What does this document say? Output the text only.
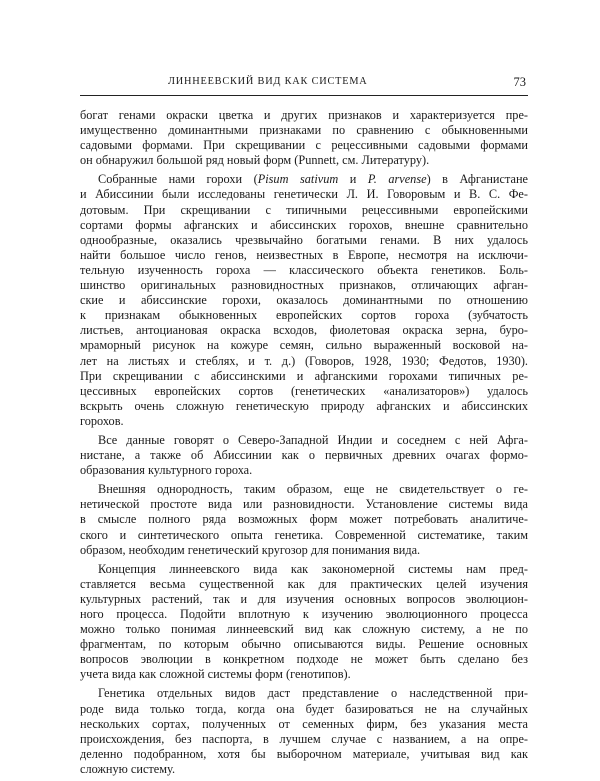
ЛИННЕЕВСКИЙ ВИД КАК СИСТЕМА	73
богат генами окраски цветка и других признаков и характеризуется пре-
имущественно доминантными признаками по сравнению с обыкновенными
садовыми формами. При скрещивании с рецессивными садовыми формами
он обнаружил большой ряд новый форм (Punnett, см. Литературу).
Собранные нами горохи (Pisum sativum и P. arvense) в Афганистане
и Абиссинии были исследованы генетически Л. И. Говоровым и В. С. Фе-
дотовым. При скрещивании с типичными рецессивными европейскими
сортами формы афганских и абиссинских горохов, внешне сравнительно
однообразные, оказались чрезвычайно богатыми генами. В них удалось
найти большое число генов, неизвестных в Европе, несмотря на исключи-
тельную изученность гороха — классического объекта генетиков. Боль-
шинство оригинальных разновидностных признаков, отличающих афган-
ские и абиссинские горохи, оказалось доминантными по отношению
к признакам обыкновенных европейских сортов гороха (зубчатость
листьев, антоциановая окраска всходов, фиолетовая окраска зерна, буро-
мраморный рисунок на кожуре семян, сильно выраженный восковой на-
лет на листьях и стеблях, и т. д.) (Говоров, 1928, 1930; Федотов, 1930).
При скрещивании с абиссинскими и афганскими горохами типичных ре-
цессивных европейских сортов (генетических «анализаторов») удалось
вскрыть очень сложную генетическую природу афганских и абиссинских
горохов.
Все данные говорят о Северо-Западной Индии и соседнем с ней Афга-
нистане, а также об Абиссинии как о первичных древних очагах формо-
образования культурного гороха.
Внешняя однородность, таким образом, еще не свидетельствует о ге-
нетической простоте вида или разновидности. Установление системы вида
в смысле полного ряда возможных форм может потребовать аналитиче-
ского и синтетического опыта генетика. Современной систематике, таким
образом, необходим генетический кругозор для понимания вида.
Концепция линнеевского вида как закономерной системы нам пред-
ставляется весьма существенной как для практических целей изучения
культурных растений, так и для изучения основных вопросов эволюцион-
ного процесса. Подойти вплотную к изучению эволюционного процесса
можно только понимая линнеевский вид как сложную систему, а не по
фрагментам, по которым обычно описываются виды. Решение основных
вопросов эволюции в конкретном подходе не может быть сделано без
учета вида как сложной системы форм (генотипов).
Генетика отдельных видов даст представление о наследственной при-
роде вида только тогда, когда она будет базироваться не на случайных
нескольких сортах, полученных от семенных фирм, без указания места
происхождения, без паспорта, в лучшем случае с названием, а на опре-
деленно подобранном, хотя бы выборочном материале, учитывая вид как
сложную систему.
